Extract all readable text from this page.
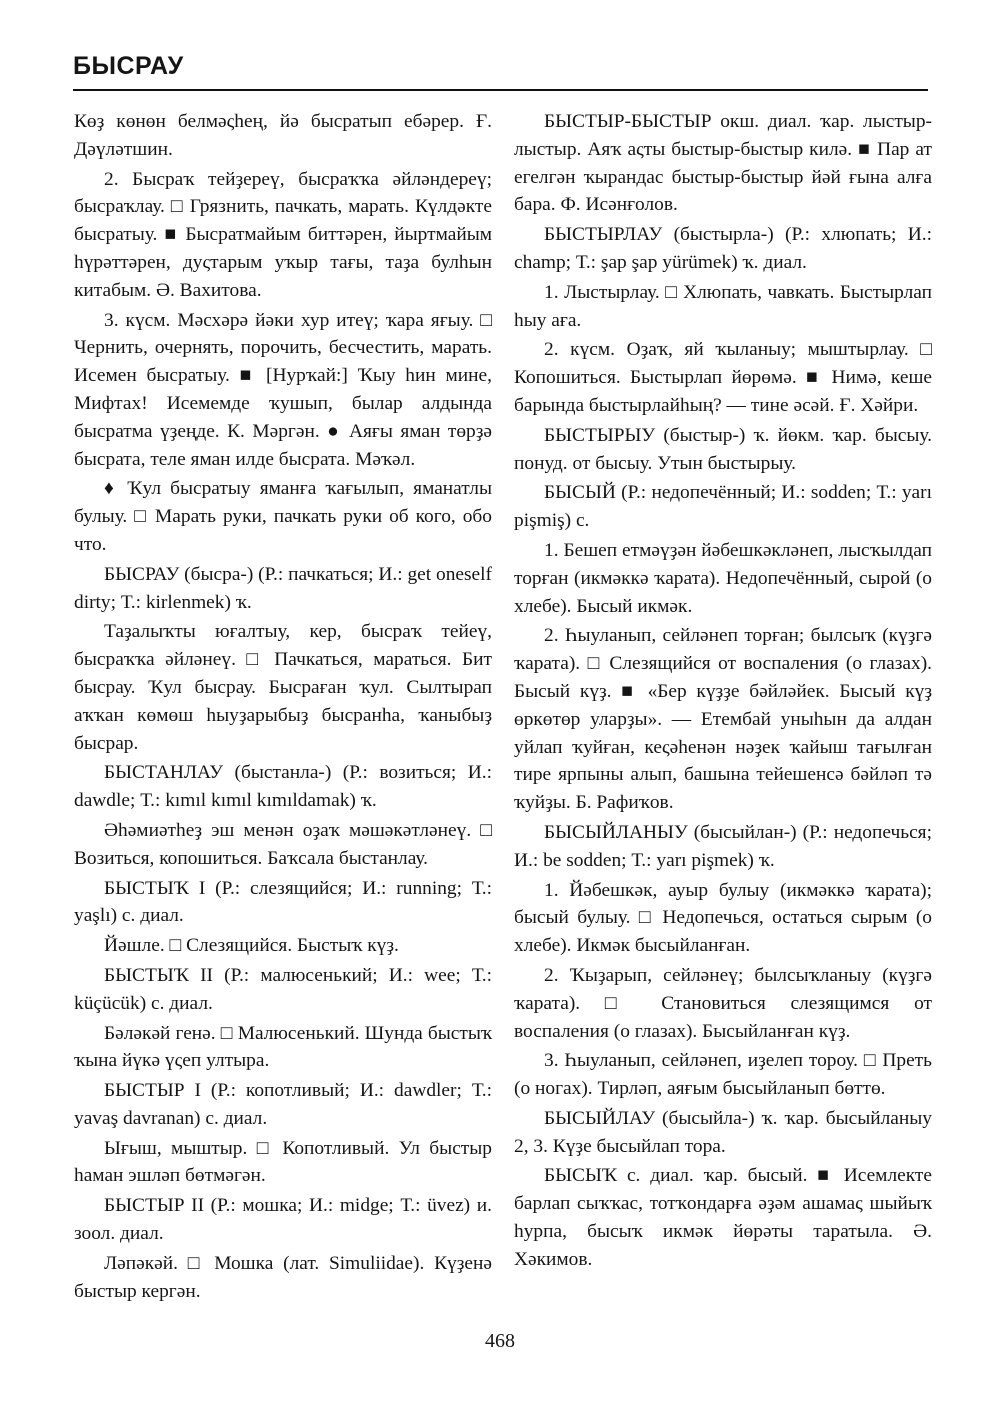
БЫСРАУ

Көҙ көнөн белмәςһең, йә бысратып ебәрер. Ғ. Дәүләтшин.

2. Бысраҡ тейҙереү, бысраҡҡа әйләндереү; бысраҡлау. □ Грязнить, пачкать, марать. Күлдәкте бысратыу. ■ Бысратмайым биттәрен, йыртмайым һүрәттәрен, дуςтарым уҡыр тағы, таҙа булһын китабым. Ә. Вахитова.

3. күсм. Мәсхәрә йәки хур итеү; ҡара яғыу. □ Чернить, очернять, порочить, бесчестить, марать. Исемен бысратыу. ■ [Нурҡай:] Ҡыу һин мине, Мифтах! Исемемде ҡушып, былар алдында бысратма үҙеңде. К. Мәргән. ● Аяғы яман төрҙә бысрата, теле яман илде бысрата. Мәҡәл.

♦ Ҡул бысратыу яманға ҡағылып, яманатлы булыу. □ Марать руки, пачкать руки об кого, обо что.

БЫСРАУ (бысра-) (Р.: пачкаться; И.: get oneself dirty; Т.: kirlenmek) ҡ.

Таҙалыҡты юғалтыу, кер, бысраҡ тейеү, бысраҡҡа әйләнеү. □ Пачкаться, мараться. Бит бысрау. Ҡул бысрау. Бысраған ҡул. Сылтырап аҡҡан көмөш һыуҙарыбыҙ бысранһа, ҡаныбыҙ бысрар.

БЫСТАНЛАУ (быстанла-) (Р.: возиться; И.: dawdle; Т.: kımıl kımıl kımıldamak) ҡ.

Әһәмиәтһеҙ эш менән оҙаҡ мәшәкәтләнеү. □ Возиться, копошиться. Баҡсала быстанлау.

БЫСТЫҠ I (Р.: слезящийся; И.: running; Т.: yaşlı) с. диал.

Йәшле. □ Слезящийся. Быстыҡ күҙ.

БЫСТЫҠ II (Р.: малюсенький; И.: wee; Т.: küçücük) с. диал.

Бәләкәй генә. □ Малюсенький. Шунда быстыҡ ҡына йүкә үςеп ултыра.

БЫСТЫР I (Р.: копотливый; И.: dawdler; Т.: yavaş davranan) с. диал.

Ығыш, мыштыр. □ Копотливый. Ул быстыр һаман эшләп бөтмәгән.

БЫСТЫР II (Р.: мошка; И.: midge; Т.: üvez) и. зоол. диал.

Ләпәкәй. □ Мошка (лат. Simuliidae). Күҙенә быстыр кергән.

БЫСТЫР-БЫСТЫР окш. диал. ҡар. лыстыр-лыстыр. Аяҡ аςты быстыр-быстыр килә. ■ Пар ат егелгән ҡырандас быстыр-быстыр йәй ғына алға бара. Ф. Исәнғолов.

БЫСТЫРЛАУ (быстырла-) (Р.: хлюпать; И.: champ; Т.: şap şap yürümek) ҡ. диал.

1. Лыстырлау. □ Хлюпать, чавкать. Быстырлап һыу аға.

2. күсм. Оҙаҡ, яй ҡыланыу; мыштырлау. □ Копошиться. Быстырлап йөрөмә. ■ Нимә, кеше барында быстырлайһың? — тине әсәй. Ғ. Хәйри.

БЫСТЫРЫУ (быстыр-) ҡ. йөкм. ҡар. бысыу. понуд. от бысыу. Утын быстырыу.

БЫСЫЙ (Р.: недопечённый; И.: sodden; Т.: yarı pişmiş) с.

1. Бешеп етмәүҙән йәбешкәкләнеп, лысҡылдап торған (икмәккә ҡарата). Недопечённый, сырой (о хлебе). Бысый икмәк.

2. Һыуланып, сейләнеп торған; былсыҡ (күҙгә ҡарата). □ Слезящийся от воспаления (о глазах). Бысый күҙ. ■ «Бер күҙҙе бәйләйек. Бысый күҙ өркөтөр уларҙы». — Етембай уныһын да алдан уйлап ҡуйған, кеςәһенән нәҙек ҡайыш тағылған тире ярпыны алып, башына тейешенсә бәйләп тә ҡуйҙы. Б. Рафиҡов.

БЫСЫЙЛАНЫУ (бысыйлан-) (Р.: недопечься; И.: be sodden; Т.: yarı pişmek) ҡ.

1. Йәбешкәк, ауыр булыу (икмәккә ҡарата); бысый булыу. □ Недопечься, остаться сырым (о хлебе). Икмәк бысыйланған.

2. Ҡыҙарып, сейләнеү; былсыҡланыу (күҙгә ҡарата). □ Становиться слезящимся от воспаления (о глазах). Бысыйланған күҙ.

3. Һыуланып, сейләнеп, иҙелеп тороу. □ Преть (о ногах). Тирләп, аяғым бысыйланып бөттө.

БЫСЫЙЛАУ (бысыйла-) ҡ. ҡар. бысыйланыу 2, 3. Күҙе бысыйлап тора.

БЫСЫҠ с. диал. ҡар. бысый. ■ Исемлекте барлап сыҡҡас, тотҡондарға әҙәм ашамаς шыйыҡ һурпа, бысыҡ икмәк йөрәты таратыла. Ә. Хәкимов.

468
